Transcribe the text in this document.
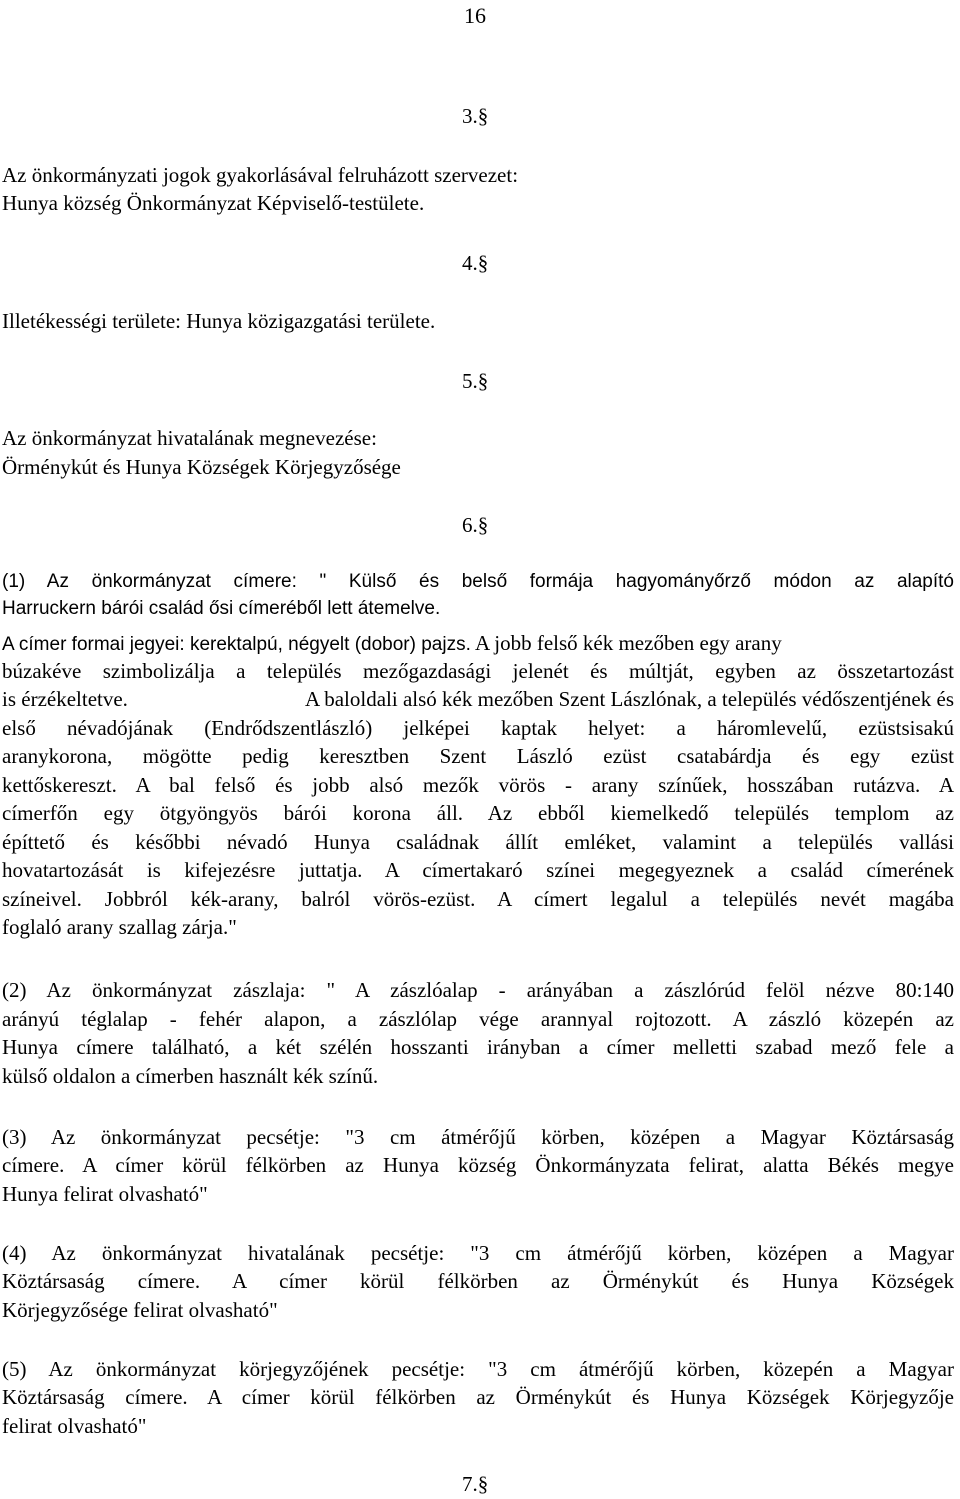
16
3.§
Az önkormányzati jogok gyakorlásával felruházott szervezet:
Hunya község Önkormányzat Képviselő-testülete.
4.§
Illetékességi területe: Hunya közigazgatási területe.
5.§
Az önkormányzat hivatalának megnevezése:
Örménykút és Hunya Községek Körjegyzősége
6.§
(1) Az önkormányzat címere: " Külső és belső formája hagyományőrző módon az alapító
Harruckern bárói család ősi címeréből lett átemelve.
A címer formai jegyei: kerektalpú, négyelt (dobor) pajzs. A jobb felső kék mezőben egy arany
búzakéve szimbolizálja a település mezőgazdasági jelenét és múltját, egyben az összetartozást
is érzékeltetve.	A baloldali alsó kék mezőben Szent Lászlónak, a település védőszentjének és
első névadójának (Endrődszentlászló) jelképei kaptak helyet: a háromlevelű, ezüstsisakú
aranykorona, mögötte pedig keresztben Szent László ezüst csatabárdja és egy ezüst
kettőskereszt. A bal felső és jobb alsó mezők vörös - arany színűek, hosszában rutázva. A
címerfőn egy ötgyöngyös bárói korona áll. Az ebből kiemelkedő település templom az
építtető és későbbi névadó Hunya családnak állít emléket, valamint a település vallási
hovatartozását is kifejezésre juttatja. A címertakaró színei megegyeznek a család címerének
színeivel. Jobbról kék-arany, balról vörös-ezüst. A címert legalul a település nevét magába
foglaló arany szallag zárja."
(2) Az önkormányzat zászlaja: " A zászlóalap - arányában a zászlórúd felöl nézve 80:140
arányú téglalap - fehér alapon, a zászlólap vége arannyal rojtozott. A zászló közepén az
Hunya címere található, a két szélén hosszanti irányban a címer melletti szabad mező fele a
külső oldalon a címerben használt kék színű.
(3) Az önkormányzat pecsétje: "3 cm átmérőjű körben, középen a Magyar Köztársaság
címere. A címer körül félkörben az Hunya község Önkormányzata felirat, alatta Békés megye
Hunya felirat olvasható"
(4) Az önkormányzat hivatalának pecsétje: "3 cm átmérőjű körben, középen a Magyar
Köztársaság címere. A címer körül félkörben az Örménykút és Hunya Községek
Körjegyzősége felirat olvasható"
(5) Az önkormányzat körjegyzőjének pecsétje: "3 cm átmérőjű körben, közepén a Magyar
Köztársaság címere. A címer körül félkörben az Örménykút és Hunya Községek Körjegyzője
felirat olvasható"
7.§
